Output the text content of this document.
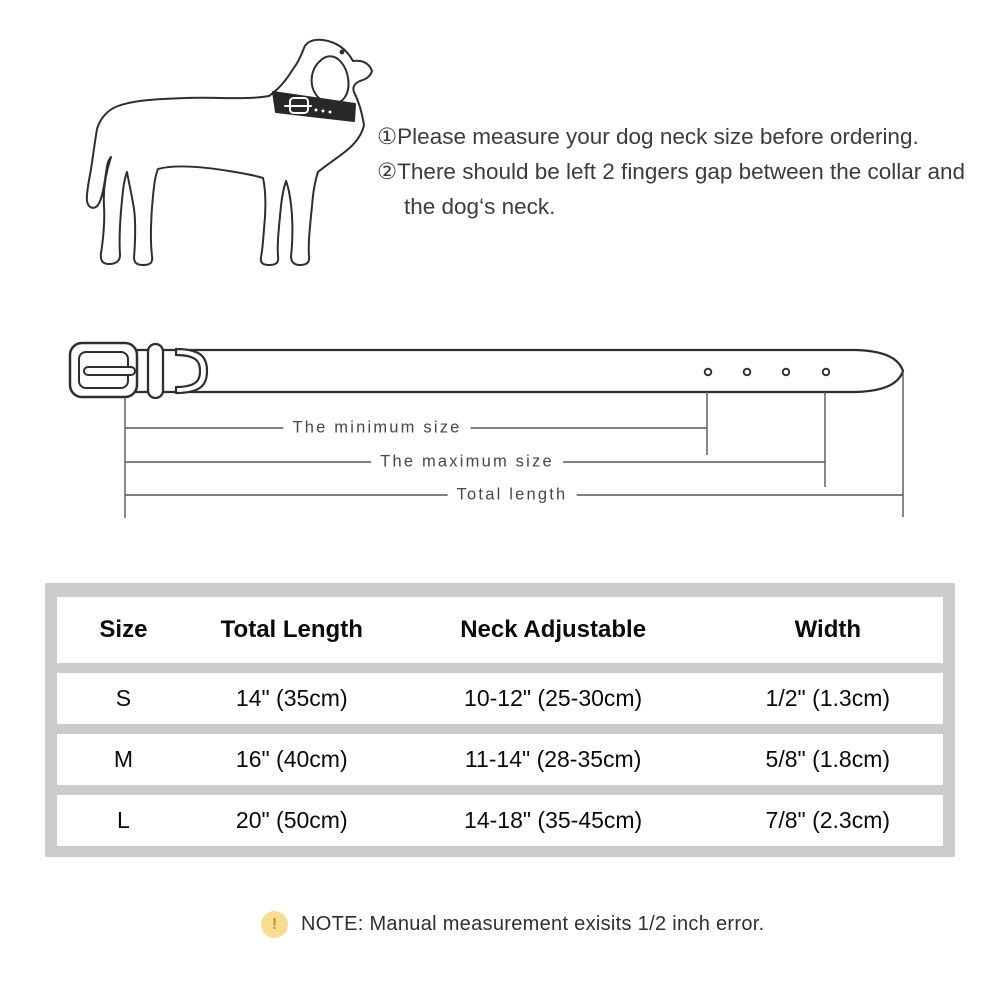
①Please measure your dog neck size before ordering.

②There should be left 2 fingers gap between the collar and the dog‘s neck.

The minimum size
The maximum size
Total length
Size	Total Length	Neck Adjustable	Width
S	14" (35cm)	10-12" (25-30cm)	1/2" (1.3cm)
M	16" (40cm)	11-14" (28-35cm)	5/8" (1.8cm)
L	20" (50cm)	14-18" (35-45cm)	7/8" (2.3cm)
!	NOTE: Manual measurement exisits 1/2 inch error.
